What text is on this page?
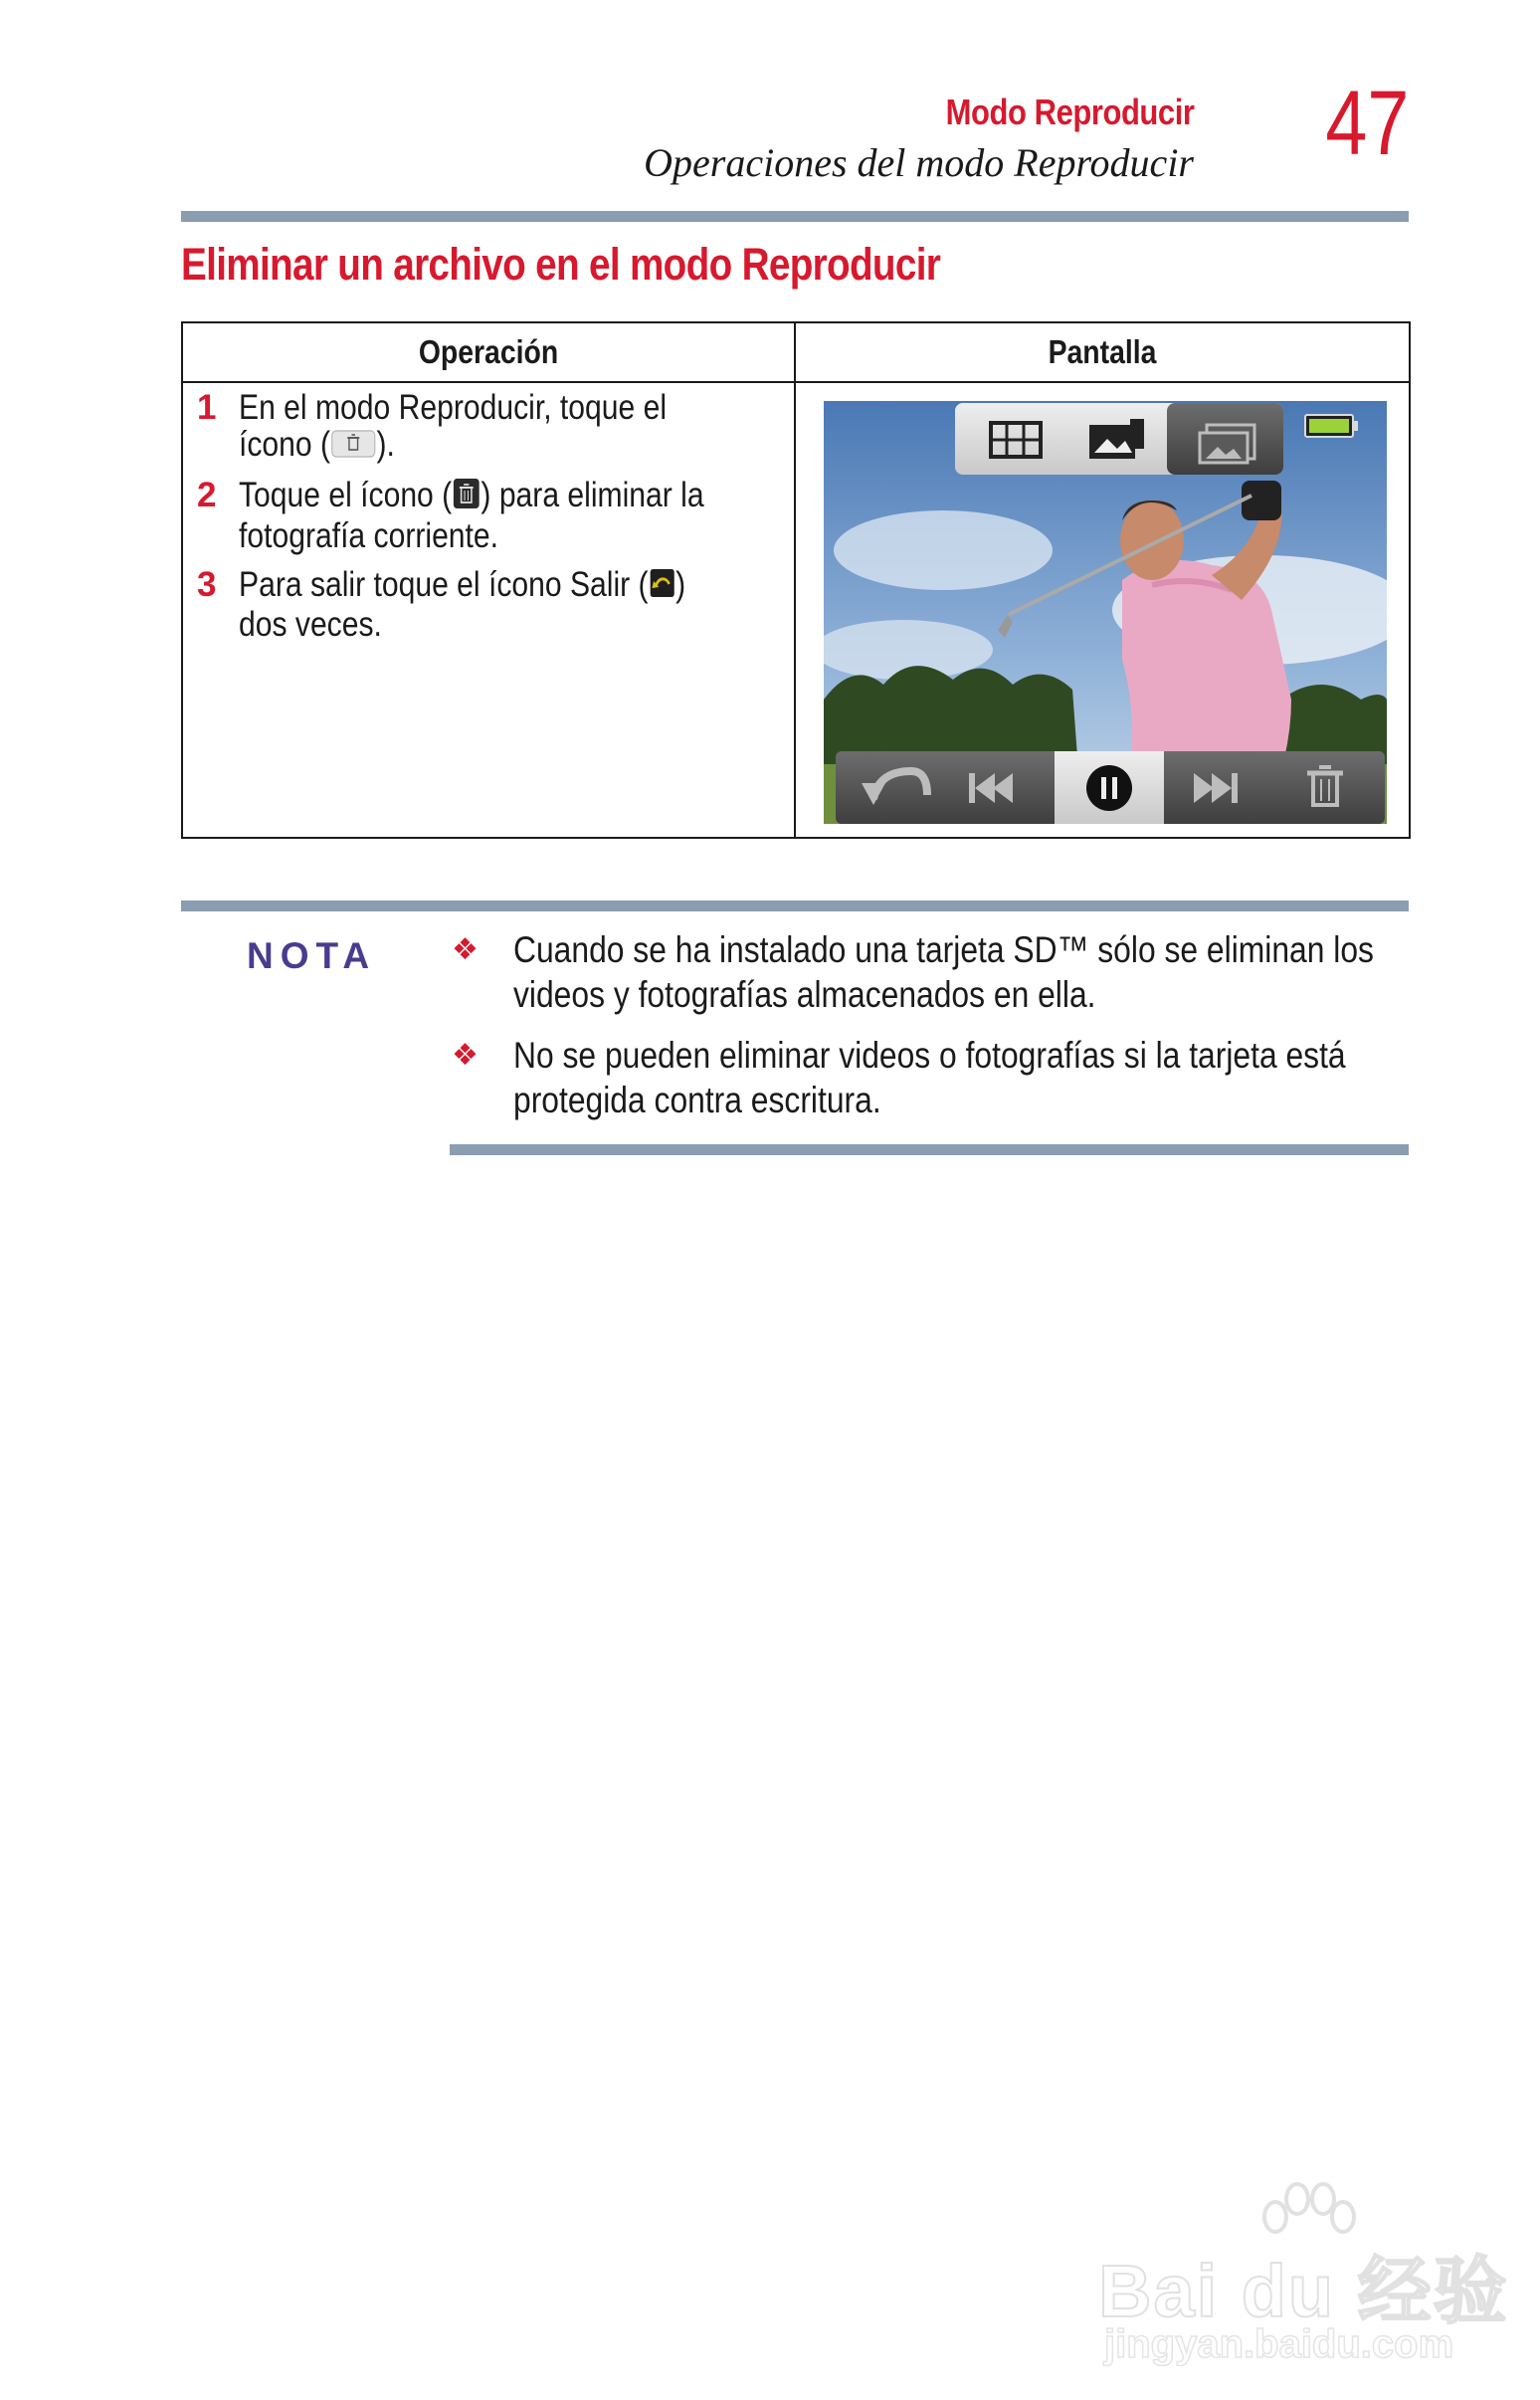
Modo Reproducir
Operaciones del modo Reproducir 47
Eliminar un archivo en el modo Reproducir
Operación	Pantalla
1 En el modo Reproducir, toque el
ícono ( ).
2 Toque el ícono ( ) para eliminar la
fotografía corriente.
3 Para salir toque el ícono Salir ( )
dos veces.
NOTA	❖ Cuando se ha instalado una tarjeta SD™ sólo se eliminan los
videos y fotografías almacenados en ella.
❖ No se pueden eliminar videos o fotografías si la tarjeta está
protegida contra escritura.
Bai du 经验
jingyan.baidu.com
